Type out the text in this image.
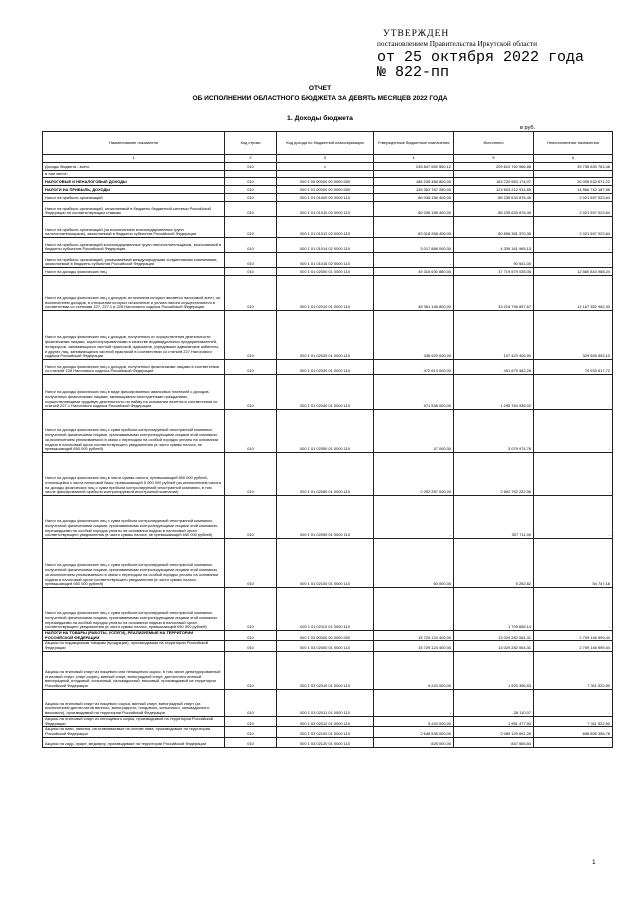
УТВЕРЖДЕН
постановлением Правительства Иркутской области
от 25 октября 2022 года
№ 822-пп
ОТЧЕТ
ОБ ИСПОЛНЕНИИ ОБЛАСТНОГО БЮДЖЕТА ЗА ДЕВЯТЬ МЕСЯЦЕВ 2022 ГОДА
1. Доходы бюджета
в руб.
Наименование показателя	Код строки	Код дохода по бюджетной классификации	Утвержденные бюджетные назначения	Исполнено	Неисполненные назначения
1	2	3	4	5	6
Доходы бюджета - всего	010	x	245 847 659 550,12	209 610 762 966,86	39 735 830 763,46
в том числе:					
НАЛОГОВЫЕ И НЕНАЛОГОВЫЕ ДОХОДЫ	010	000 1 00 00000 00 0000 000	186 235 458 800,00	163 720 553 174,07	26 099 532 671,22
НАЛОГИ НА ПРИБЫЛЬ, ДОХОДЫ	010	000 1 01 00000 00 0000 000	135 352 787 280,00	123 603 212 914,55	14 566 742 187,66
Налог на прибыль организаций	010	000 1 01 01000 00 0000 110	86 036 156 400,00	85 235 633 876,49	2 021 597 023,64
Налог на прибыль организаций, зачисляемый в бюджеты бюджетной системы Российской Федерации по соответствующим ставкам	010	000 1 01 01010 00 0000 110	86 036 155 400,00	85 235 633 876,49	2 021 597 023,64
Налог на прибыль организаций (за исключением консолидированных групп налогоплательщиков), зачисляемый в бюджеты субъектов Российской Федерации	010	000 1 01 01012 02 0000 110	83 018 268 400,00	80 896 381 370,36	2 021 597 023,64
Налог на прибыль организаций консолидированных групп налогоплательщиков, зачисляемый в бюджеты субъектов Российской Федерации	010	000 1 01 01014 02 0000 110	3 017 888 000,00	4 339 161 965,13	-
Налог на прибыль организаций, уплачиваемый международными холдинговыми компаниями, зачисляемый в бюджеты субъектов Российской Федерации	010	000 1 01 01016 02 0000 110	-	90 541,00	-
Налог на доходы физических лиц	010	000 1 01 02000 01 0000 110	49 316 630 880,00	37 719 579 035,06	12 580 843 968,24
Налог на доходы физических лиц с доходов, источником которых является налоговый агент, за исключением доходов, в отношении которых исчисление и уплата налога осуществляются в соответствии со статьями 227, 227.1 и 228 Налогового кодекса Российской Федерации	010	000 1 01 02010 01 0000 110	45 381 148 800,00	33 215 796 897,67	12 167 352 962,33
Налог на доходы физических лиц с доходов, полученных от осуществления деятельности физическими лицами, зарегистрированными в качестве индивидуальных предпринимателей, нотариусов, занимающихся частной практикой, адвокатов, учредивших адвокатские кабинеты, и других лиц, занимающихся частной практикой в соответствии со статьей 227 Налогового кодекса Российской Федерации	010	000 1 01 02020 01 0000 110	436 929 000,00	107 423 406,90	329 505 593,10
Налог на доходы физических лиц с доходов, полученных физическими лицами в соответствии со статьей 228 Налогового кодекса Российской Федерации	010	000 1 01 02030 01 0000 110	472 613 000,00	401 679 382,28	70 933 617,72
Налог на доходы физических лиц в виде фиксированных авансовых платежей с доходов, полученных физическими лицами, являющимися иностранными гражданами, осуществляющими трудовую деятельность по найму на основании патента в соответствии со статьей 227.1 Налогового кодекса Российской Федерации	010	000 1 01 02040 01 0000 110	971 538 000,00	1 295 764 936,02	-
Налог на доходы физических лиц с сумм прибыли контролируемой иностранной компании, полученной физическими лицами, признаваемыми контролирующими лицами этой компании, за исключением уплачиваемого в связи с переходом на особый порядок уплаты на основании подачи в налоговый орган соответствующего уведомления (в части суммы налога, не превышающей 650 000 рублей)	010	000 1 01 02050 01 0000 110	47 000,00	3 079 974,78	-
Налог на доходы физических лиц в части суммы налога, превышающей 650 000 рублей, относящейся к части налоговой базы, превышающей 5 000 000 рублей (за исключением налога на доходы физических лиц с сумм прибыли контролируемой иностранной компании, в том числе фиксированной прибыли контролируемой иностранной компании)	010	000 1 01 02080 01 0000 110	2 052 287 000,00	2 892 752 222,36	-
Налог на доходы физических лиц с сумм прибыли контролируемой иностранной компании, полученной физическими лицами, признаваемыми контролирующими лицами этой компании, перешедшими на особый порядок уплаты на основании подачи в налоговый орган соответствующего уведомления (в части суммы налога, не превышающей 650 000 рублей)	010	000 1 01 02090 01 0000 110	-	307 711,00	-
Налог на доходы физических лиц с сумм прибыли контролируемой иностранной компании, полученной физическими лицами, признаваемыми контролирующими лицами этой компании, за исключением уплачиваемого в связи с переходом на особый порядок уплаты на основании подачи в налоговый орган соответствующего уведомления (в части суммы налога, превышающей 650 000 рублей)	010	000 1 01 02100 01 0000 110	60 000,00	5 252,82	54 747,18
Налог на доходы физических лиц с сумм прибыли контролируемой иностранной компании, полученной физическими лицами, признаваемыми контролирующими лицами этой компании, перешедшими на особый порядок уплаты на основании подачи в налоговый орган соответствующего уведомления (в части суммы налога, превышающей 650 000 рублей)	010	000 1 01 02110 01 0000 110	-	1 709 658,14	-
НАЛОГИ НА ТОВАРЫ (РАБОТЫ, УСЛУГИ), РЕАЛИЗУЕМЫЕ НА ТЕРРИТОРИИ РОССИЙСКОЙ ФЕДЕРАЦИИ	010	000 1 03 00000 00 0000 000	15 729 124 400,00	13 029 282 064,31	2 709 146 599,44
Акцизы по подакцизным товарам (продукции), производимым на территории Российской Федерации	010	000 1 03 02000 01 0000 110	15 729 124 400,00	13 029 282 064,31	2 709 146 599,44
Акцизы на этиловый спирт из пищевого или непищевого сырья, в том числе денатурированный этиловый спирт, спирт-сырец, винный спирт, виноградный спирт, дистилляты винный, виноградный, плодовый, коньячный, кальвадосный, висковый, производимый на территории Российской Федерации	010	000 1 03 02010 01 0000 110	9 243 000,00	1 923 396,53	7 311 522,50
Акцизы на этиловый спирт из пищевого сырья, винный спирт, виноградный спирт (за исключением дистиллятов винного, виноградного, плодового, коньячного, кальвадосного, вискового), производимый на территории Российской Федерации	010	000 1 03 02011 01 0000 110	-	-28 110,07	-
Акцизы на этиловый спирт из непищевого сырья, производимый на территории Российской Федерации	010	000 1 03 02012 01 0000 110	9 243 000,00	1 951 477,50	7 311 522,50
Акцизы на пиво, напитки, изготавливаемые на основе пива, производимые на территории Российской Федерации	010	000 1 03 02100 01 0000 110	2 648 535 000,00	2 089 129 691,28	658 895 358,78
Акцизы на сидр, пуаре, медовуху, производимые на территории Российской Федерации	010	000 1 03 02120 01 0000 110	825 000,00	847 565,84	-
1
